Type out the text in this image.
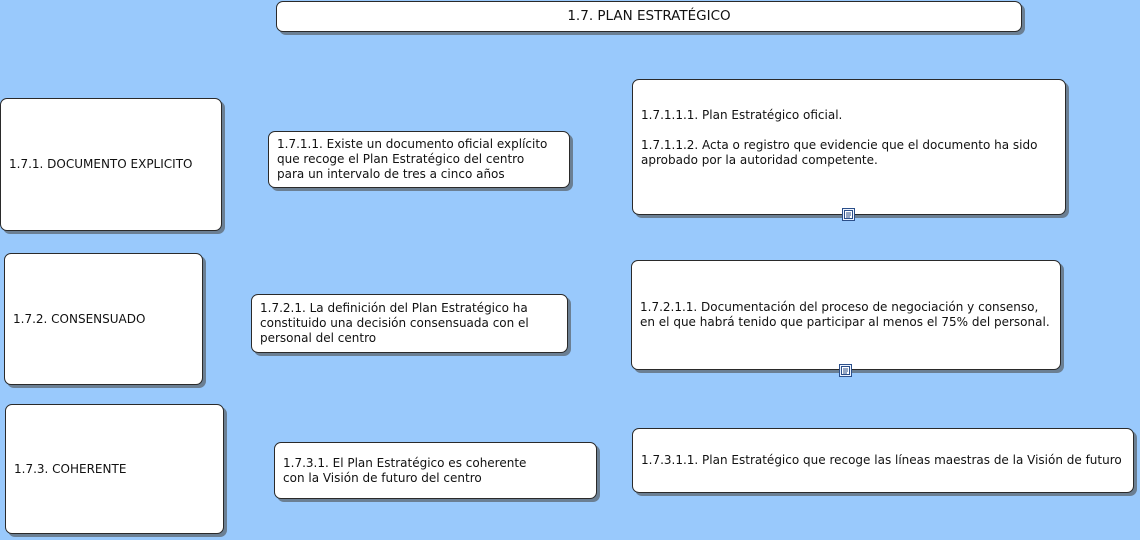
1.7. PLAN ESTRATÉGICO
1.7.1. DOCUMENTO EXPLICITO
1.7.2. CONSENSUADO
1.7.3. COHERENTE
1.7.1.1. Existe un documento oficial explícito
que recoge el Plan Estratégico del centro
para un intervalo de tres a cinco años
1.7.2.1. La definición del Plan Estratégico ha
constituido una decisión consensuada con el
personal del centro
1.7.3.1. El Plan Estratégico es coherente
con la Visión de futuro del centro
1.7.1.1.1. Plan Estratégico oficial.

1.7.1.1.2. Acta o registro que evidencie que el documento ha sido
aprobado por la autoridad competente.
1.7.2.1.1. Documentación del proceso de negociación y consenso,
en el que habrá tenido que participar al menos el 75% del personal.
1.7.3.1.1. Plan Estratégico que recoge las líneas maestras de la Visión de futuro
